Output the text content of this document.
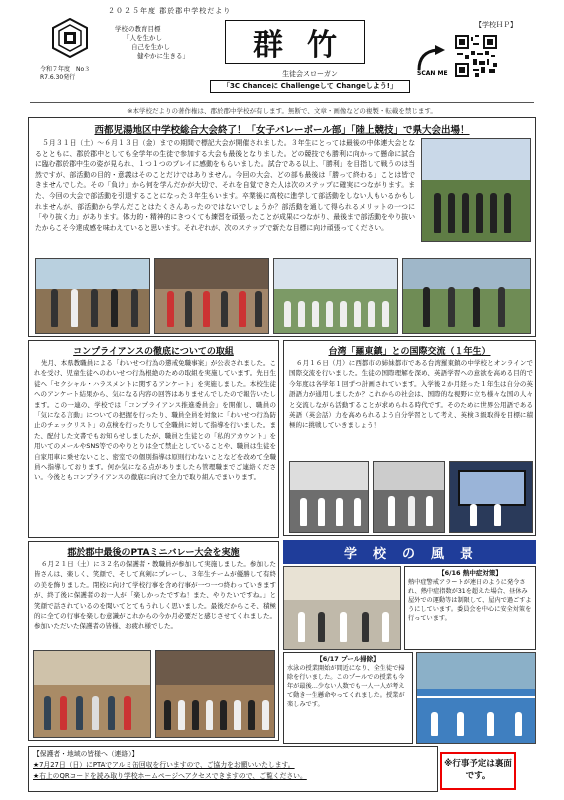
２０２５年度 郡於郡中学校だより
学校の教育目標
「人を生かし
自己を生かし
健やかに生きる」
令和７年度　No３
R7.6.30発行
群竹
生徒会スローガン
「3C Chanceに Challengeして Changeしよう!」
【学校ＨＰ】
SCAN ME
※本学校だよりの著作権は、郡於郡中学校が有します。無断で、文章・画像などの複製・転載を禁じます。
西都児湯地区中学校総合大会終了！「女子バレーボール部」「陸上競技」で県大会出場！

５月３１日（土）～６月１３日（金）までの期間で標記大会が開催されました。３年生にとっては最後の中体連大会となるとともに、郡於郡中としても全学年の生徒で参加する大会も最後となりました。どの競技でも勝利に向かって懸命に試合に臨む郡於郡中生の姿が見られ、１つ１つのプレイに感動をもらいました。試合である以上、「勝利」を目指して戦うのは当然ですが、部活動の目的・意義はそのことだけではありません。今回の大会、どの部も最後は「勝って終わる」ことは皆できませんでした。その「負け」から何を学んだかが大切で、それを自覚できた人は次のステップに確実につながります。また、今回の大会で部活動を引退することになった３年生もいます。卒業後に高校に進学して部活動をしない人もいるかもしれませんが、部活動から学んだことはたくさんあったのではないでしょうか？部活動を通して得られるメリットの一つに「やり抜く力」があります。体力的・精神的にきつくても練習を頑張ったことが成果につながり、最後まで部活動をやり抜いたからこそ今達成感を味わえていると思います。それぞれが、次のステップで新たな目標に向け頑張ってください。

コンプライアンスの徹底についての取組

先月、本県教職員による「わいせつ行為の懲戒免職事案」が公表されました。これを受け、児童生徒へのわいせつ行為根絶のための取組を実施しています。先日生徒へ「セクシャル・ハラスメントに関するアンケート」を実施しました。本校生徒へのアンケート結果から、気になる内容の回答はありませんでしたので報告いたします。この一連の、学校では「コンプライアンス推進委員会」を開催し、職員の「気になる言動」についての把握を行ったり、職員全員を対象に「わいせつ行為防止のチェックリスト」の点検を行ったりして全職員に対して指導を行いました。また、配付した文書でもお知らせしましたが、職員と生徒との「私的アカウント」を用いてのメールやSNS等でのやりとりは全て禁止としていることや、職員は生徒を自家用車に乗せないこと、密室での個別指導は原則行わないことなどを改めて全職員へ指導しております。何か気になる点がありましたら管理職までご連絡ください。今後ともコンプライアンスの徹底に向けて全力で取り組んでまいります。

台湾「羅東鎮」との国際交流（１年生）

６月１６日（月）に西都市の姉妹都市である台湾羅東鎮の中学校とオンラインで国際交流を行いました。生徒の国際理解を深め、英語学習への意欲を高める目的で今年度は各学年１回ずつ計画されています。入学後２か月経った１年生は自分の英語語力が通用しましたか？これからの社会は、国際的な視野に立ち様々な国の人々と交流しながら活動することが求められる時代です。そのために世界公用語である英語（英会話）力を高められるよう自分学習として考え、英検３級取得を目標に積極的に挑戦していきましょう！

郡於郡中最後のPTAミニバレー大会を実施

６月２１日（土）に３２名の保護者・教職員が参加して実施しました。参加した皆さんは、楽しく、笑顔で、そして真剣にプレーし、３年生チームが優勝して有終の美を飾りました。閉校に向けて学校行事を含め行事が一つ一つ終わっていきますが、終了後に保護者のお一人が「楽しかったですね！また、やりたいですね。」と笑顔で話されているのを聞いてとてもうれしく思いました。最後だからこそ、積極的に全ての行事を楽しむ意識がこれからの今か月必要だと感じさせてくれました。参加いただいた保護者の皆様、お疲れ様でした。

学校の風景
【6/16 熱中症対策】
熱中症警戒アラートが連日のように発令され、熱中症指数が31を超えた場合、昼休み屋外での運動等は制限して、屋内で過ごすようにしています。委員会を中心に安全対策を行っています。
【6/17 プール掃除】
水泳の授業開始が間近になり、全生徒で掃除を行いました。このプールでの授業も今年が最後…少ない人数でも一人一人が考えて動き一生懸命やってくれました。授業が楽しみです。
【保護者・地域の皆様へ（連絡）】
★7月27日（日）にPTAでアルミ缶回収を行いますので、ご協力をお願いいたします。
★右上のQRコードを読み取り学校ホームページへアクセスできますので、ご覧ください。
※行事予定は裏面です。
